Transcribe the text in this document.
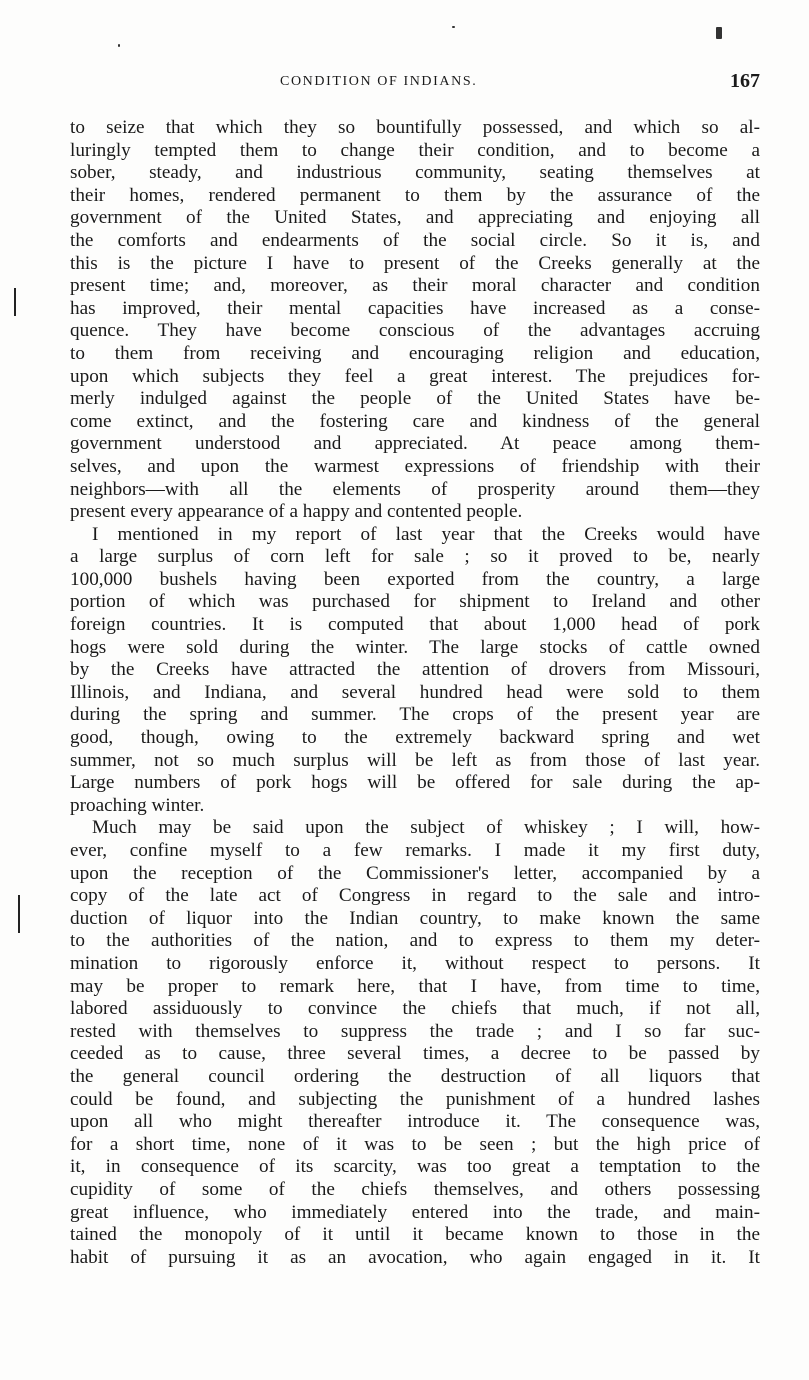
CONDITION OF INDIANS.	167
to seize that which they so bountifully possessed, and which so al-
luringly tempted them to change their condition, and to become a
sober, steady, and industrious community, seating themselves at
their homes, rendered permanent to them by the assurance of the
government of the United States, and appreciating and enjoying all
the comforts and endearments of the social circle. So it is, and
this is the picture I have to present of the Creeks generally at the
present time; and, moreover, as their moral character and condition
has improved, their mental capacities have increased as a conse-
quence. They have become conscious of the advantages accruing
to them from receiving and encouraging religion and education,
upon which subjects they feel a great interest. The prejudices for-
merly indulged against the people of the United States have be-
come extinct, and the fostering care and kindness of the general
government understood and appreciated. At peace among them-
selves, and upon the warmest expressions of friendship with their
neighbors—with all the elements of prosperity around them—they
present every appearance of a happy and contented people.
I mentioned in my report of last year that the Creeks would have
a large surplus of corn left for sale ; so it proved to be, nearly
100,000 bushels having been exported from the country, a large
portion of which was purchased for shipment to Ireland and other
foreign countries. It is computed that about 1,000 head of pork
hogs were sold during the winter. The large stocks of cattle owned
by the Creeks have attracted the attention of drovers from Missouri,
Illinois, and Indiana, and several hundred head were sold to them
during the spring and summer. The crops of the present year are
good, though, owing to the extremely backward spring and wet
summer, not so much surplus will be left as from those of last year.
Large numbers of pork hogs will be offered for sale during the ap-
proaching winter.
Much may be said upon the subject of whiskey ; I will, how-
ever, confine myself to a few remarks. I made it my first duty,
upon the reception of the Commissioner's letter, accompanied by a
copy of the late act of Congress in regard to the sale and intro-
duction of liquor into the Indian country, to make known the same
to the authorities of the nation, and to express to them my deter-
mination to rigorously enforce it, without respect to persons. It
may be proper to remark here, that I have, from time to time,
labored assiduously to convince the chiefs that much, if not all,
rested with themselves to suppress the trade ; and I so far suc-
ceeded as to cause, three several times, a decree to be passed by
the general council ordering the destruction of all liquors that
could be found, and subjecting the punishment of a hundred lashes
upon all who might thereafter introduce it. The consequence was,
for a short time, none of it was to be seen ; but the high price of
it, in consequence of its scarcity, was too great a temptation to the
cupidity of some of the chiefs themselves, and others possessing
great influence, who immediately entered into the trade, and main-
tained the monopoly of it until it became known to those in the
habit of pursuing it as an avocation, who again engaged in it. It
